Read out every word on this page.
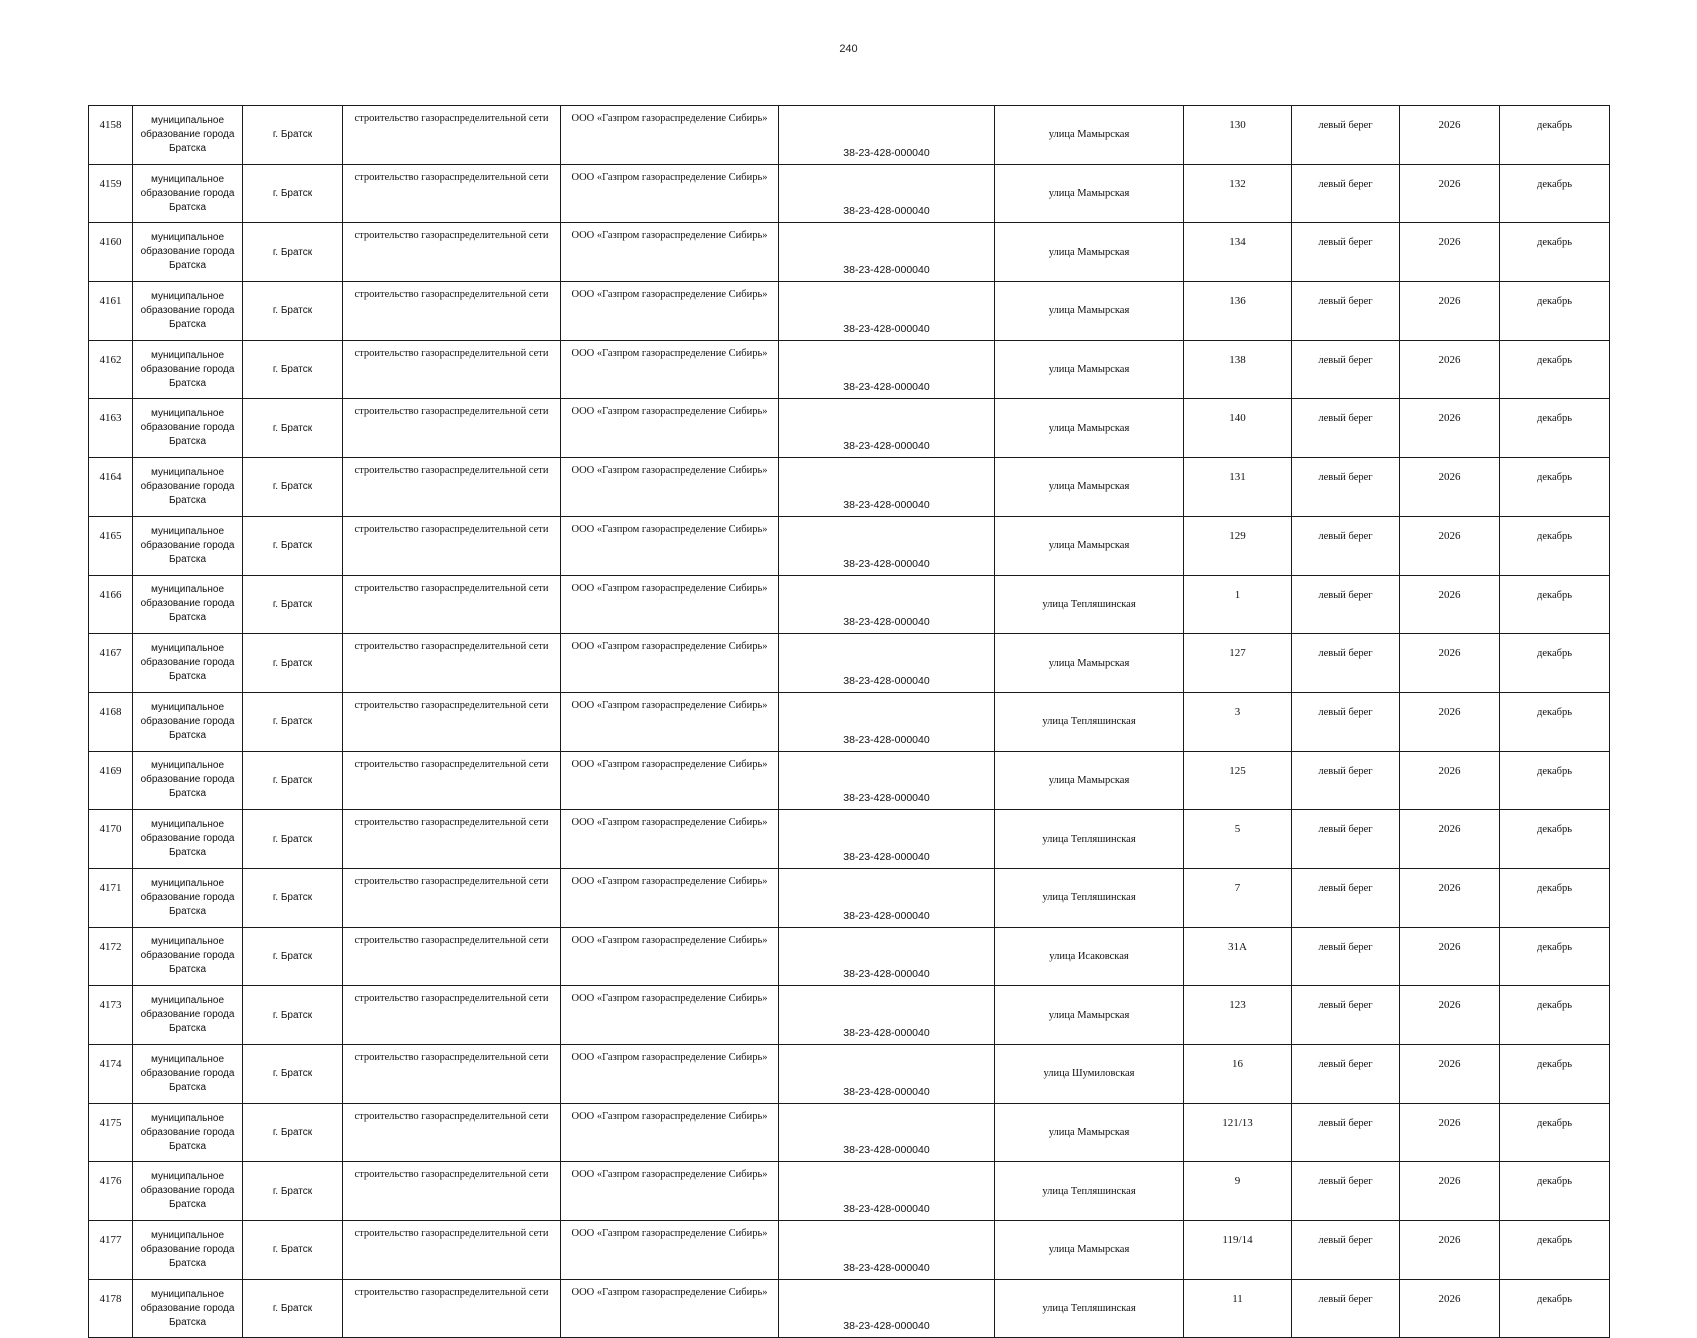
240
4158	муниципальное образование города Братска	г. Братск	строительство газораспределительной сети	ООО «Газпром газораспределение Сибирь»	38-23-428-000040	улица Мамырская	130	левый берег	2026	декабрь
4159	муниципальное образование города Братска	г. Братск	строительство газораспределительной сети	ООО «Газпром газораспределение Сибирь»	38-23-428-000040	улица Мамырская	132	левый берег	2026	декабрь
4160	муниципальное образование города Братска	г. Братск	строительство газораспределительной сети	ООО «Газпром газораспределение Сибирь»	38-23-428-000040	улица Мамырская	134	левый берег	2026	декабрь
4161	муниципальное образование города Братска	г. Братск	строительство газораспределительной сети	ООО «Газпром газораспределение Сибирь»	38-23-428-000040	улица Мамырская	136	левый берег	2026	декабрь
4162	муниципальное образование города Братска	г. Братск	строительство газораспределительной сети	ООО «Газпром газораспределение Сибирь»	38-23-428-000040	улица Мамырская	138	левый берег	2026	декабрь
4163	муниципальное образование города Братска	г. Братск	строительство газораспределительной сети	ООО «Газпром газораспределение Сибирь»	38-23-428-000040	улица Мамырская	140	левый берег	2026	декабрь
4164	муниципальное образование города Братска	г. Братск	строительство газораспределительной сети	ООО «Газпром газораспределение Сибирь»	38-23-428-000040	улица Мамырская	131	левый берег	2026	декабрь
4165	муниципальное образование города Братска	г. Братск	строительство газораспределительной сети	ООО «Газпром газораспределение Сибирь»	38-23-428-000040	улица Мамырская	129	левый берег	2026	декабрь
4166	муниципальное образование города Братска	г. Братск	строительство газораспределительной сети	ООО «Газпром газораспределение Сибирь»	38-23-428-000040	улица Тепляшинская	1	левый берег	2026	декабрь
4167	муниципальное образование города Братска	г. Братск	строительство газораспределительной сети	ООО «Газпром газораспределение Сибирь»	38-23-428-000040	улица Мамырская	127	левый берег	2026	декабрь
4168	муниципальное образование города Братска	г. Братск	строительство газораспределительной сети	ООО «Газпром газораспределение Сибирь»	38-23-428-000040	улица Тепляшинская	3	левый берег	2026	декабрь
4169	муниципальное образование города Братска	г. Братск	строительство газораспределительной сети	ООО «Газпром газораспределение Сибирь»	38-23-428-000040	улица Мамырская	125	левый берег	2026	декабрь
4170	муниципальное образование города Братска	г. Братск	строительство газораспределительной сети	ООО «Газпром газораспределение Сибирь»	38-23-428-000040	улица Тепляшинская	5	левый берег	2026	декабрь
4171	муниципальное образование города Братска	г. Братск	строительство газораспределительной сети	ООО «Газпром газораспределение Сибирь»	38-23-428-000040	улица Тепляшинская	7	левый берег	2026	декабрь
4172	муниципальное образование города Братска	г. Братск	строительство газораспределительной сети	ООО «Газпром газораспределение Сибирь»	38-23-428-000040	улица Исаковская	31А	левый берег	2026	декабрь
4173	муниципальное образование города Братска	г. Братск	строительство газораспределительной сети	ООО «Газпром газораспределение Сибирь»	38-23-428-000040	улица Мамырская	123	левый берег	2026	декабрь
4174	муниципальное образование города Братска	г. Братск	строительство газораспределительной сети	ООО «Газпром газораспределение Сибирь»	38-23-428-000040	улица Шумиловская	16	левый берег	2026	декабрь
4175	муниципальное образование города Братска	г. Братск	строительство газораспределительной сети	ООО «Газпром газораспределение Сибирь»	38-23-428-000040	улица Мамырская	121/13	левый берег	2026	декабрь
4176	муниципальное образование города Братска	г. Братск	строительство газораспределительной сети	ООО «Газпром газораспределение Сибирь»	38-23-428-000040	улица Тепляшинская	9	левый берег	2026	декабрь
4177	муниципальное образование города Братска	г. Братск	строительство газораспределительной сети	ООО «Газпром газораспределение Сибирь»	38-23-428-000040	улица Мамырская	119/14	левый берег	2026	декабрь
4178	муниципальное образование города Братска	г. Братск	строительство газораспределительной сети	ООО «Газпром газораспределение Сибирь»	38-23-428-000040	улица Тепляшинская	11	левый берег	2026	декабрь
